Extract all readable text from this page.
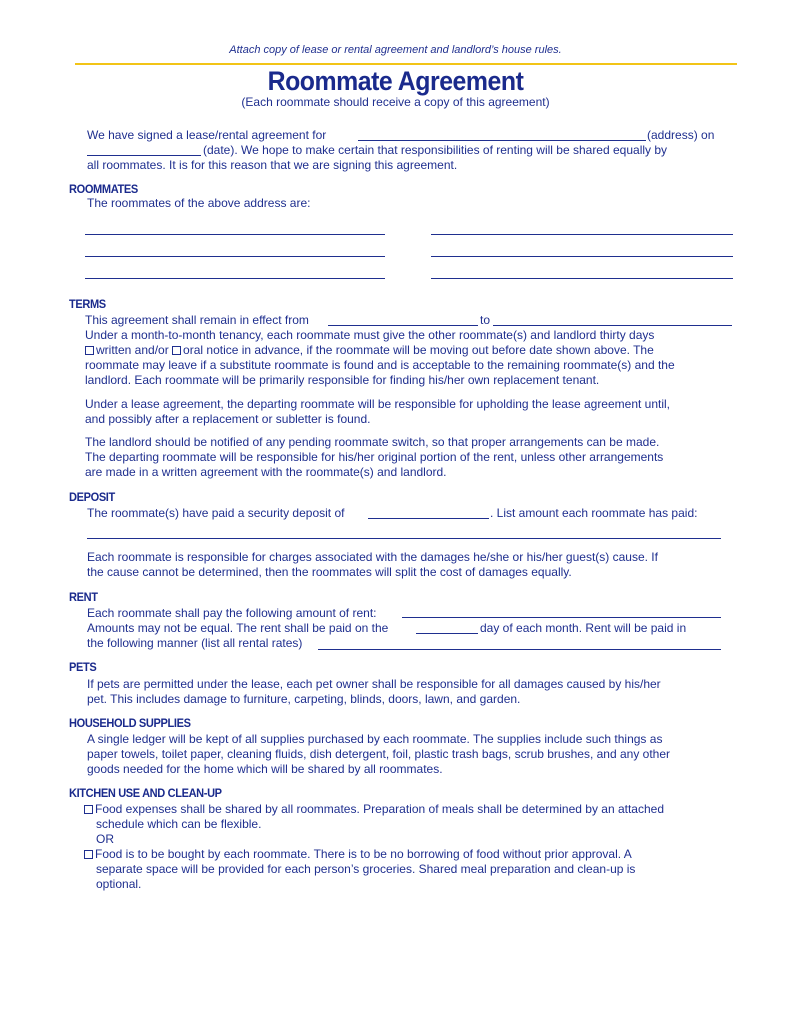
Attach copy of lease or rental agreement and landlord’s house rules.
Roommate Agreement
(Each roommate should receive a copy of this agreement)
We have signed a lease/rental agreement for	(address) on
(date). We hope to make certain that responsibilities of renting will be shared equally by
all roommates. It is for this reason that we are signing this agreement.
ROOMMATES
The roommates of the above address are:
TERMS
This agreement shall remain in effect from	to
Under a month-to-month tenancy, each roommate must give the other roommate(s) and landlord thirty days
written and/or oral notice in advance, if the roommate will be moving out before date shown above. The
roommate may leave if a substitute roommate is found and is acceptable to the remaining roommate(s) and the
landlord. Each roommate will be primarily responsible for finding his/her own replacement tenant.
Under a lease agreement, the departing roommate will be responsible for upholding the lease agreement until,
and possibly after a replacement or subletter is found.
The landlord should be notified of any pending roommate switch, so that proper arrangements can be made.
The departing roommate will be responsible for his/her original portion of the rent, unless other arrangements
are made in a written agreement with the roommate(s) and landlord.
DEPOSIT
The roommate(s) have paid a security deposit of	. List amount each roommate has paid:
Each roommate is responsible for charges associated with the damages he/she or his/her guest(s) cause. If
the cause cannot be determined, then the roommates will split the cost of damages equally.
RENT
Each roommate shall pay the following amount of rent:
Amounts may not be equal. The rent shall be paid on the	day of each month. Rent will be paid in
the following manner (list all rental rates)
PETS
If pets are permitted under the lease, each pet owner shall be responsible for all damages caused by his/her
pet. This includes damage to furniture, carpeting, blinds, doors, lawn, and garden.
HOUSEHOLD SUPPLIES
A single ledger will be kept of all supplies purchased by each roommate. The supplies include such things as
paper towels, toilet paper, cleaning fluids, dish detergent, foil, plastic trash bags, scrub brushes, and any other
goods needed for the home which will be shared by all roommates.
KITCHEN USE AND CLEAN-UP
Food expenses shall be shared by all roommates. Preparation of meals shall be determined by an attached
schedule which can be flexible.
OR
Food is to be bought by each roommate. There is to be no borrowing of food without prior approval. A
separate space will be provided for each person’s groceries. Shared meal preparation and clean-up is
optional.
